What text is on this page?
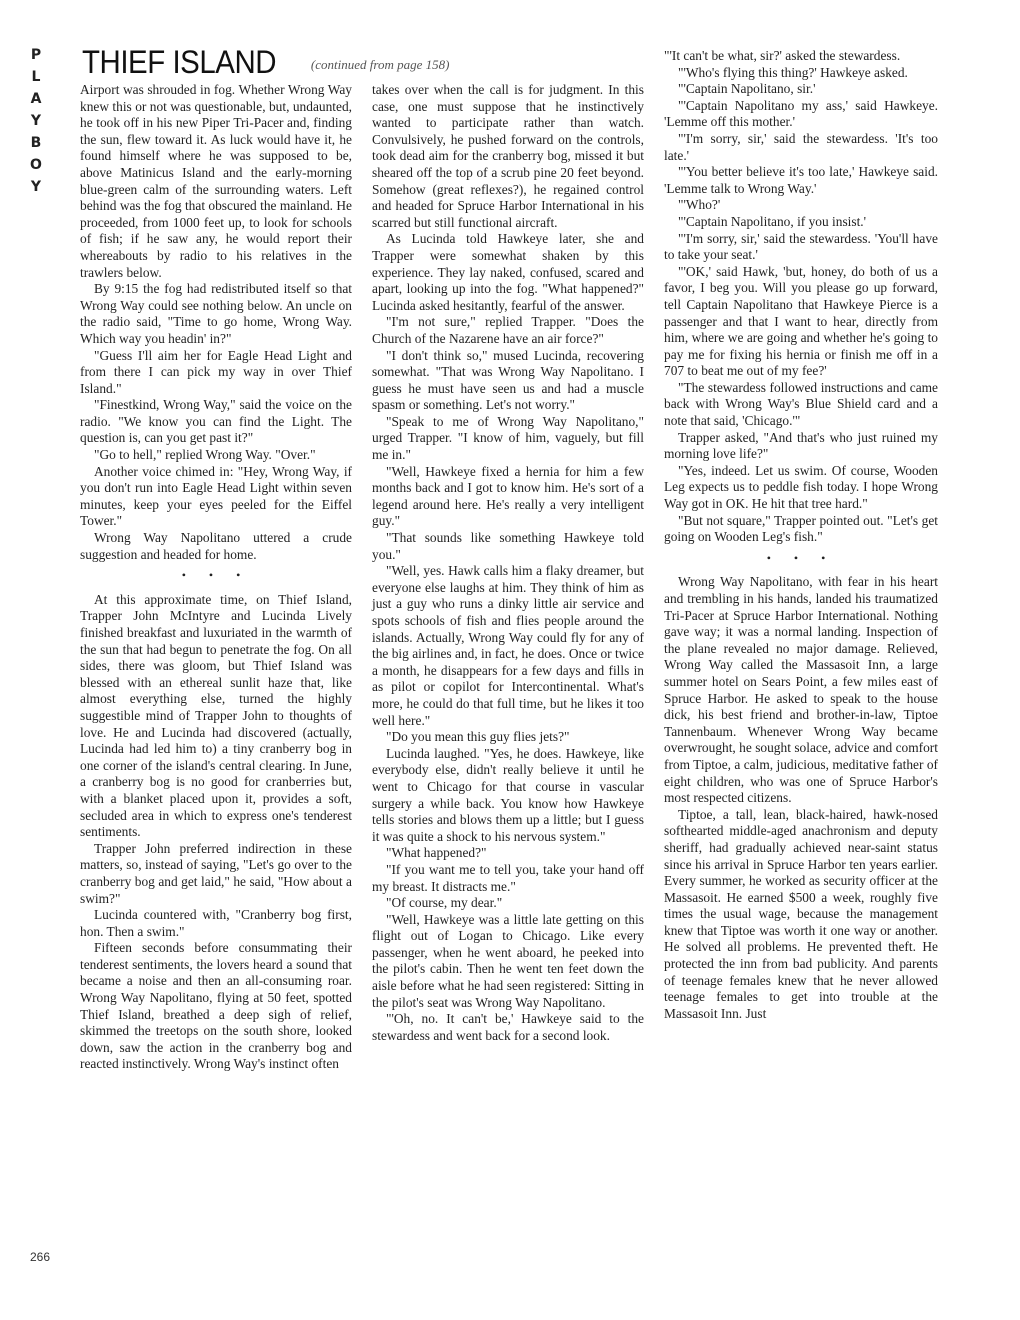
P
L
A
Y
B
O
Y
THIEF ISLAND	$^{(continued from page 158)}$

Airport was shrouded in fog. Whether Wrong Way knew this or not was questionable, but, undaunted, he took off in his new Piper Tri-Pacer and, finding the sun, flew toward it. As luck would have it, he found himself where he was supposed to be, above Matinicus Island and the early-morning blue-green calm of the surrounding waters. Left behind was the fog that obscured the mainland. He proceeded, from 1000 feet up, to look for schools of fish; if he saw any, he would report their whereabouts by radio to his relatives in the trawlers below.

By 9:15 the fog had redistributed itself so that Wrong Way could see nothing below. An uncle on the radio said, "Time to go home, Wrong Way. Which way you headin' in?"

"Guess I'll aim her for Eagle Head Light and from there I can pick my way in over Thief Island."

"Finestkind, Wrong Way," said the voice on the radio. "We know you can find the Light. The question is, can you get past it?"

"Go to hell," replied Wrong Way. "Over."

Another voice chimed in: "Hey, Wrong Way, if you don't run into Eagle Head Light within seven minutes, keep your eyes peeled for the Eiffel Tower."

Wrong Way Napolitano uttered a crude suggestion and headed for home.

• • •

At this approximate time, on Thief Island, Trapper John McIntyre and Lucinda Lively finished breakfast and luxuriated in the warmth of the sun that had begun to penetrate the fog. On all sides, there was gloom, but Thief Island was blessed with an ethereal sunlit haze that, like almost everything else, turned the highly suggestible mind of Trapper John to thoughts of love. He and Lucinda had discovered (actually, Lucinda had led him to) a tiny cranberry bog in one corner of the island's central clearing. In June, a cranberry bog is no good for cranberries but, with a blanket placed upon it, provides a soft, secluded area in which to express one's tenderest sentiments.

Trapper John preferred indirection in these matters, so, instead of saying, "Let's go over to the cranberry bog and get laid," he said, "How about a swim?"

Lucinda countered with, "Cranberry bog first, hon. Then a swim."

Fifteen seconds before consummating their tenderest sentiments, the lovers heard a sound that became a noise and then an all-consuming roar. Wrong Way Napolitano, flying at 50 feet, spotted Thief Island, breathed a deep sigh of relief, skimmed the treetops on the south shore, looked down, saw the action in the cranberry bog and reacted instinctively. Wrong Way's instinct often

takes over when the call is for judgment. In this case, one must suppose that he instinctively wanted to participate rather than watch. Convulsively, he pushed forward on the controls, took dead aim for the cranberry bog, missed it but sheared off the top of a scrub pine 20 feet beyond. Somehow (great reflexes?), he regained control and headed for Spruce Harbor International in his scarred but still functional aircraft.

As Lucinda told Hawkeye later, she and Trapper were somewhat shaken by this experience. They lay naked, confused, scared and apart, looking up into the fog. "What happened?" Lucinda asked hesitantly, fearful of the answer.

"I'm not sure," replied Trapper. "Does the Church of the Nazarene have an air force?"

"I don't think so," mused Lucinda, recovering somewhat. "That was Wrong Way Napolitano. I guess he must have seen us and had a muscle spasm or something. Let's not worry."

"Speak to me of Wrong Way Napolitano," urged Trapper. "I know of him, vaguely, but fill me in."

"Well, Hawkeye fixed a hernia for him a few months back and I got to know him. He's sort of a legend around here. He's really a very intelligent guy."

"That sounds like something Hawkeye told you."

"Well, yes. Hawk calls him a flaky dreamer, but everyone else laughs at him. They think of him as just a guy who runs a dinky little air service and spots schools of fish and flies people around the islands. Actually, Wrong Way could fly for any of the big airlines and, in fact, he does. Once or twice a month, he disappears for a few days and fills in as pilot or copilot for Intercontinental. What's more, he could do that full time, but he likes it too well here."

"Do you mean this guy flies jets?"

Lucinda laughed. "Yes, he does. Hawkeye, like everybody else, didn't really believe it until he went to Chicago for that course in vascular surgery a while back. You know how Hawkeye tells stories and blows them up a little; but I guess it was quite a shock to his nervous system."

"What happened?"

"If you want me to tell you, take your hand off my breast. It distracts me."

"Of course, my dear."

"Well, Hawkeye was a little late getting on this flight out of Logan to Chicago. Like every passenger, when he went aboard, he peeked into the pilot's cabin. Then he went ten feet down the aisle before what he had seen registered: Sitting in the pilot's seat was Wrong Way Napolitano.

"'Oh, no. It can't be,' Hawkeye said to the stewardess and went back for a second look.

"'It can't be what, sir?' asked the stewardess.

"'Who's flying this thing?' Hawkeye asked.

"'Captain Napolitano, sir.'

"'Captain Napolitano my ass,' said Hawkeye. 'Lemme off this mother.'

"'I'm sorry, sir,' said the stewardess. 'It's too late.'

"'You better believe it's too late,' Hawkeye said. 'Lemme talk to Wrong Way.'

"'Who?'

"'Captain Napolitano, if you insist.'

"'I'm sorry, sir,' said the stewardess. 'You'll have to take your seat.'

"'OK,' said Hawk, 'but, honey, do both of us a favor, I beg you. Will you please go up forward, tell Captain Napolitano that Hawkeye Pierce is a passenger and that I want to hear, directly from him, where we are going and whether he's going to pay me for fixing his hernia or finish me off in a 707 to beat me out of my fee?'

"The stewardess followed instructions and came back with Wrong Way's Blue Shield card and a note that said, 'Chicago.'"

Trapper asked, "And that's who just ruined my morning love life?"

"Yes, indeed. Let us swim. Of course, Wooden Leg expects us to peddle fish today. I hope Wrong Way got in OK. He hit that tree hard."

"But not square," Trapper pointed out. "Let's get going on Wooden Leg's fish."

• • •

Wrong Way Napolitano, with fear in his heart and trembling in his hands, landed his traumatized Tri-Pacer at Spruce Harbor International. Nothing gave way; it was a normal landing. Inspection of the plane revealed no major damage. Relieved, Wrong Way called the Massasoit Inn, a large summer hotel on Sears Point, a few miles east of Spruce Harbor. He asked to speak to the house dick, his best friend and brother-in-law, Tiptoe Tannenbaum. Whenever Wrong Way became overwrought, he sought solace, advice and comfort from Tiptoe, a calm, judicious, meditative father of eight children, who was one of Spruce Harbor's most respected citizens.

Tiptoe, a tall, lean, black-haired, hawk-nosed softhearted middle-aged anachronism and deputy sheriff, had gradually achieved near-saint status since his arrival in Spruce Harbor ten years earlier. Every summer, he worked as security officer at the Massasoit. He earned $500 a week, roughly five times the usual wage, because the management knew that Tiptoe was worth it one way or another. He solved all problems. He prevented theft. He protected the inn from bad publicity. And parents of teenage females knew that he never allowed teenage females to get into trouble at the Massasoit Inn. Just

266
